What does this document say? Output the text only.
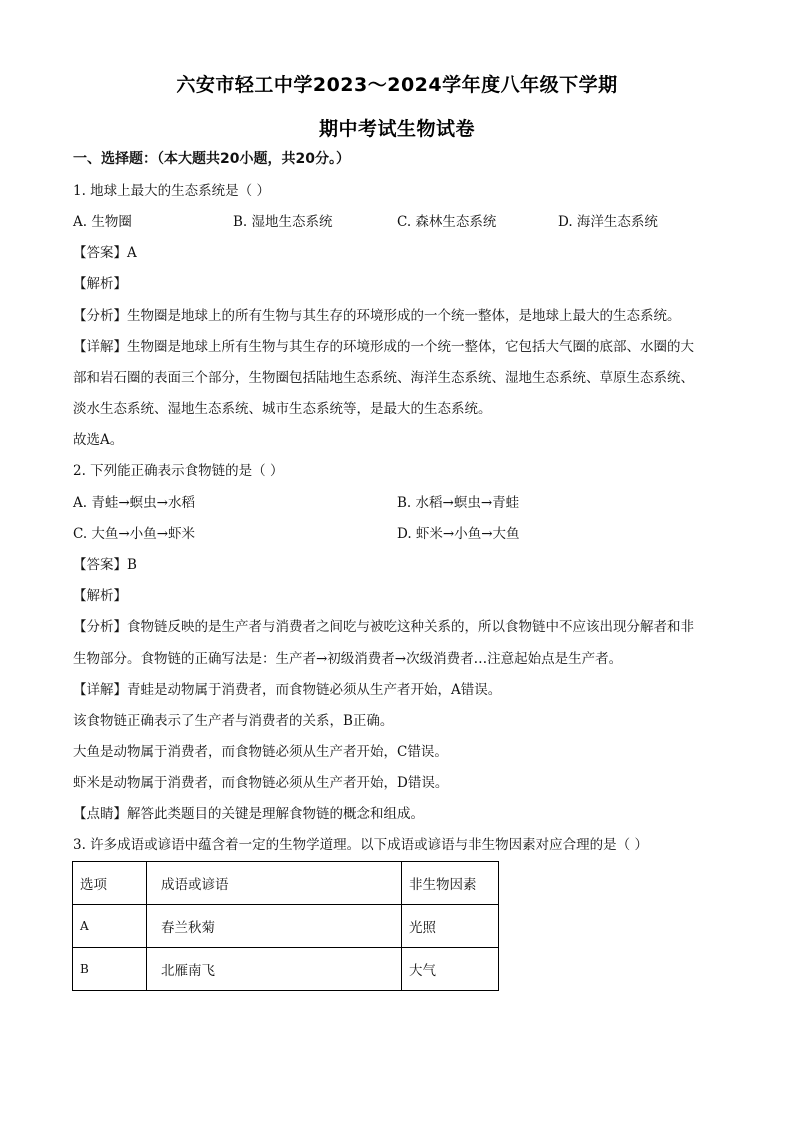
六安市轻工中学2023～2024学年度八年级下学期
期中考试生物试卷
一、选择题：（本大题共20小题，共20分。）
1. 地球上最大的生态系统是（ ）
A. 生物圈	B. 湿地生态系统	C. 森林生态系统	D. 海洋生态系统
【答案】A
【解析】
【分析】生物圈是地球上的所有生物与其生存的环境形成的一个统一整体，是地球上最大的生态系统。
【详解】生物圈是地球上所有生物与其生存的环境形成的一个统一整体，它包括大气圈的底部、水圈的大
部和岩石圈的表面三个部分，生物圈包括陆地生态系统、海洋生态系统、湿地生态系统、草原生态系统、
淡水生态系统、湿地生态系统、城市生态系统等，是最大的生态系统。
故选A。
2. 下列能正确表示食物链的是（ ）
A. 青蛙→螟虫→水稻	B. 水稻→螟虫→青蛙
C. 大鱼→小鱼→虾米	D. 虾米→小鱼→大鱼
【答案】B
【解析】
【分析】食物链反映的是生产者与消费者之间吃与被吃这种关系的，所以食物链中不应该出现分解者和非
生物部分。食物链的正确写法是：生产者→初级消费者→次级消费者…注意起始点是生产者。
【详解】青蛙是动物属于消费者，而食物链必须从生产者开始，A错误。
该食物链正确表示了生产者与消费者的关系，B正确。
大鱼是动物属于消费者，而食物链必须从生产者开始，C错误。
虾米是动物属于消费者，而食物链必须从生产者开始，D错误。
【点睛】解答此类题目的关键是理解食物链的概念和组成。
3. 许多成语或谚语中蕴含着一定的生物学道理。以下成语或谚语与非生物因素对应合理的是（ ）
选项	成语或谚语	非生物因素
A	春兰秋菊	光照
B	北雁南飞	大气
